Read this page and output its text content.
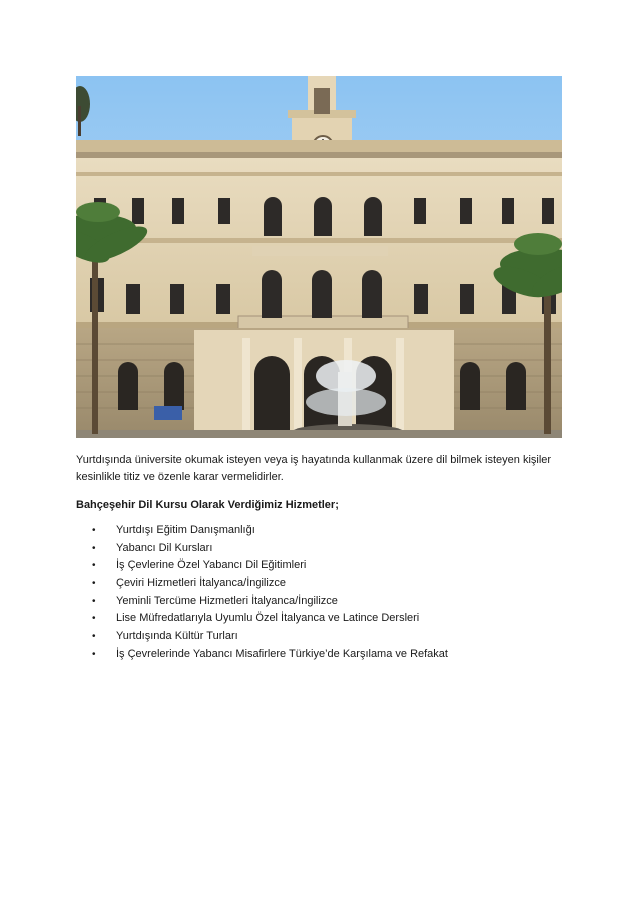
Yurtdışında üniversite okumak isteyen veya iş hayatında kullanmak üzere dil bilmek isteyen kişiler kesinlikle titiz ve özenle karar vermelidirler.

Bahçeşehir Dil Kursu Olarak Verdiğimiz Hizmetler;

• Yurtdışı Eğitim Danışmanlığı
• Yabancı Dil Kursları
• İş Çevlerine Özel Yabancı Dil Eğitimleri
• Çeviri Hizmetleri İtalyanca/İngilizce
• Yeminli Tercüme Hizmetleri İtalyanca/İngilizce
• Lise Müfredatlarıyla Uyumlu Özel İtalyanca ve Latince Dersleri
• Yurtdışında Kültür Turları
• İş Çevrelerinde Yabancı Misafirlere Türkiye’de Karşılama ve Refakat
